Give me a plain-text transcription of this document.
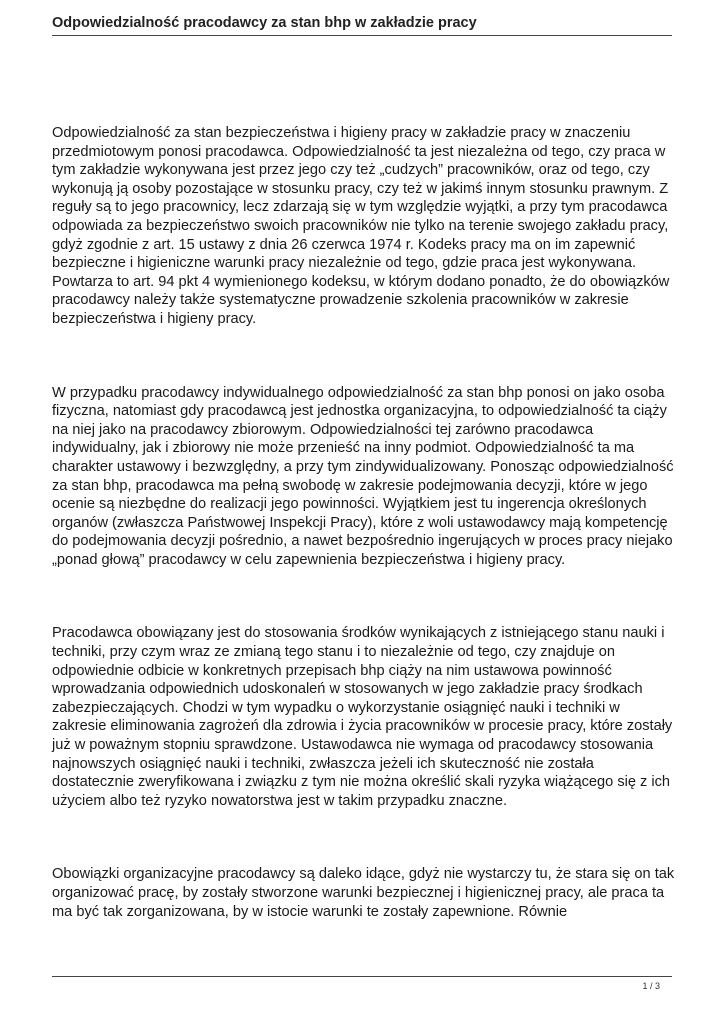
Odpowiedzialność pracodawcy za stan bhp w zakładzie pracy

Odpowiedzialność za stan bezpieczeństwa i higieny pracy w zakładzie pracy w znaczeniu przedmiotowym ponosi pracodawca. Odpowiedzialność ta jest niezależna od tego, czy praca w tym zakładzie wykonywana jest przez jego czy też „cudzych” pracowników, oraz od tego, czy wykonują ją osoby pozostające w stosunku pracy, czy też w jakimś innym stosunku prawnym. Z reguły są to jego pracownicy, lecz zdarzają się w tym względzie wyjątki, a przy tym pracodawca odpowiada za bezpieczeństwo swoich pracowników nie tylko na terenie swojego zakładu pracy, gdyż zgodnie z art. 15 ustawy z dnia 26 czerwca 1974 r. Kodeks pracy ma on im zapewnić bezpieczne i higieniczne warunki pracy niezależnie od tego, gdzie praca jest wykonywana. Powtarza to art. 94 pkt 4 wymienionego kodeksu, w którym dodano ponadto, że do obowiązków pracodawcy należy także systematyczne prowadzenie szkolenia pracowników w zakresie bezpieczeństwa i higieny pracy.

W przypadku pracodawcy indywidualnego odpowiedzialność za stan bhp ponosi on jako osoba fizyczna, natomiast gdy pracodawcą jest jednostka organizacyjna, to odpowiedzialność ta ciąży na niej jako na pracodawcy zbiorowym. Odpowiedzialności tej zarówno pracodawca indywidualny, jak i zbiorowy nie może przenieść na inny podmiot. Odpowiedzialność ta ma charakter ustawowy i bezwzględny, a przy tym zindywidualizowany. Ponosząc odpowiedzialność za stan bhp, pracodawca ma pełną swobodę w zakresie podejmowania decyzji, które w jego ocenie są niezbędne do realizacji jego powinności. Wyjątkiem jest tu ingerencja określonych organów (zwłaszcza Państwowej Inspekcji Pracy), które z woli ustawodawcy mają kompetencję do podejmowania decyzji pośrednio, a nawet bezpośrednio ingerujących w proces pracy niejako „ponad głową” pracodawcy w celu zapewnienia bezpieczeństwa i higieny pracy.

Pracodawca obowiązany jest do stosowania środków wynikających z istniejącego stanu nauki i techniki, przy czym wraz ze zmianą tego stanu i to niezależnie od tego, czy znajduje on odpowiednie odbicie w konkretnych przepisach bhp ciąży na nim ustawowa powinność wprowadzania odpowiednich udoskonaleń w stosowanych w jego zakładzie pracy środkach zabezpieczających. Chodzi w tym wypadku o wykorzystanie osiągnięć nauki i techniki w zakresie eliminowania zagrożeń dla zdrowia i życia pracowników w procesie pracy, które zostały już w poważnym stopniu sprawdzone. Ustawodawca nie wymaga od pracodawcy stosowania najnowszych osiągnięć nauki i techniki, zwłaszcza jeżeli ich skuteczność nie została dostatecznie zweryfikowana i związku z tym nie można określić skali ryzyka wiążącego się z ich użyciem albo też ryzyko nowatorstwa jest w takim przypadku znaczne.

Obowiązki organizacyjne pracodawcy są daleko idące, gdyż nie wystarczy tu, że stara się on tak organizować pracę, by zostały stworzone warunki bezpiecznej i higienicznej pracy, ale praca ta ma być tak zorganizowana, by w istocie warunki te zostały zapewnione. Równie

1 / 3
